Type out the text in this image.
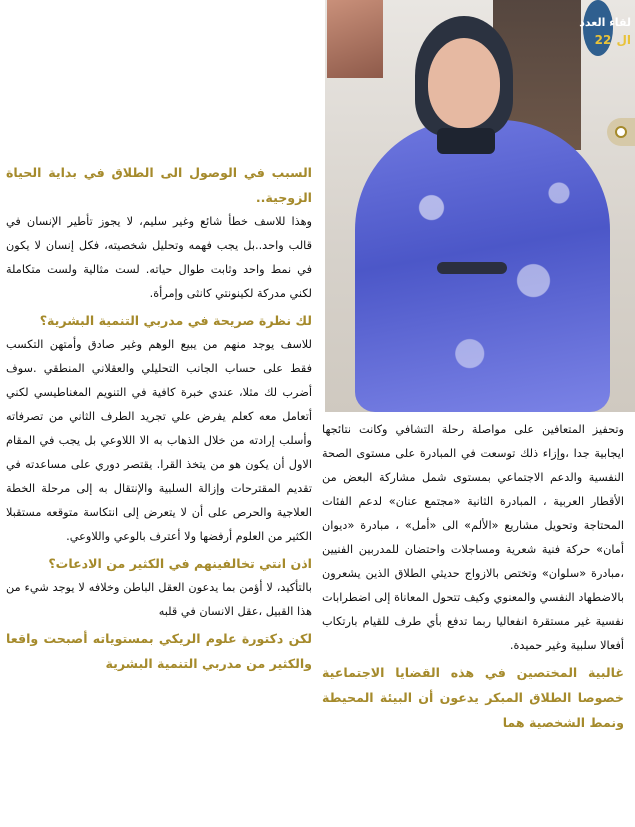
لقاء العدد
ال 22

السبب في الوصول الى الطلاق في بداية الحياة الزوجية..

وهذا للاسف خطأ شائع وغير سليم، لا يجوز تأطير الإنسان في قالب واحد..بل يجب فهمه وتحليل شخصيته، فكل إنسان لا يكون في نمط واحد وثابت طوال حياته. لست مثالية ولست متكاملة لكني مدركة لكينونتي كانثى وإمرأة.

لك نظرة صريحة في مدربي التنمية البشرية؟

للاسف يوجد منهم من يبيع الوهم وغير صادق وأمتهن التكسب فقط على حساب الجانب التحليلي والعقلاني المنطقي .سوف أضرب لك مثلا، عندي خبرة كافية في التنويم المغناطيسي لكني أتعامل معه كعلم يفرض علي تجريد الطرف الثاني من تصرفاته وأسلب إرادته من خلال الذهاب به الا اللاوعي بل يجب في المقام الاول أن يكون هو من يتخذ القرا. يقتصر دوري على مساعدته في تقديم المقترحات وإزالة السلبية والإنتقال به إلى مرحلة الخطة العلاجية والحرص على أن لا يتعرض إلى انتكاسة متوقعه مستقبلا الكثير من العلوم أرفضها ولا أعترف بالوعي واللاوعي.

اذن انتي تخالفينهم في الكثير من الادعات؟

بالتأكيد، لا أؤمن بما يدعون العقل الباطن وخلافه لا يوجد شيء من هذا القبيل ،عقل الانسان في قلبه

لكن دكتورة علوم الريكي بمستوياته أصبحت واقعا والكثير من مدربي التنمية البشرية

وتحفيز المتعافين على مواصلة رحلة التشافي وكانت نتائجها ايجابية جدا ،وإزاء ذلك توسعت في المبادرة على مستوى الصحة النفسية والدعم الاجتماعي بمستوى شمل مشاركة البعض من الأقطار العربية ، المبادرة الثانية «مجتمع عنان» لدعم الفئات المحتاجة وتحويل مشاريع «الألم» الى «أمل» ، مبادرة «ديوان أمان» حركة فنية شعرية ومساجلات واحتضان للمدربين الفنيين ،مبادرة «سلوان» وتختص بالازواج حديثي الطلاق الذين يشعرون بالاضطهاد النفسي والمعنوي وكيف تتحول المعاناة إلى اضطرابات نفسية غير مستقرة انفعاليا ربما تدفع بأي طرف للقيام بارتكاب أفعالا سلبية وغير حميدة.

غالبية المختصين في هذه القضايا الاجتماعية خصوصا الطلاق المبكر يدعون أن البيئة المحيطة ونمط الشخصية هما
